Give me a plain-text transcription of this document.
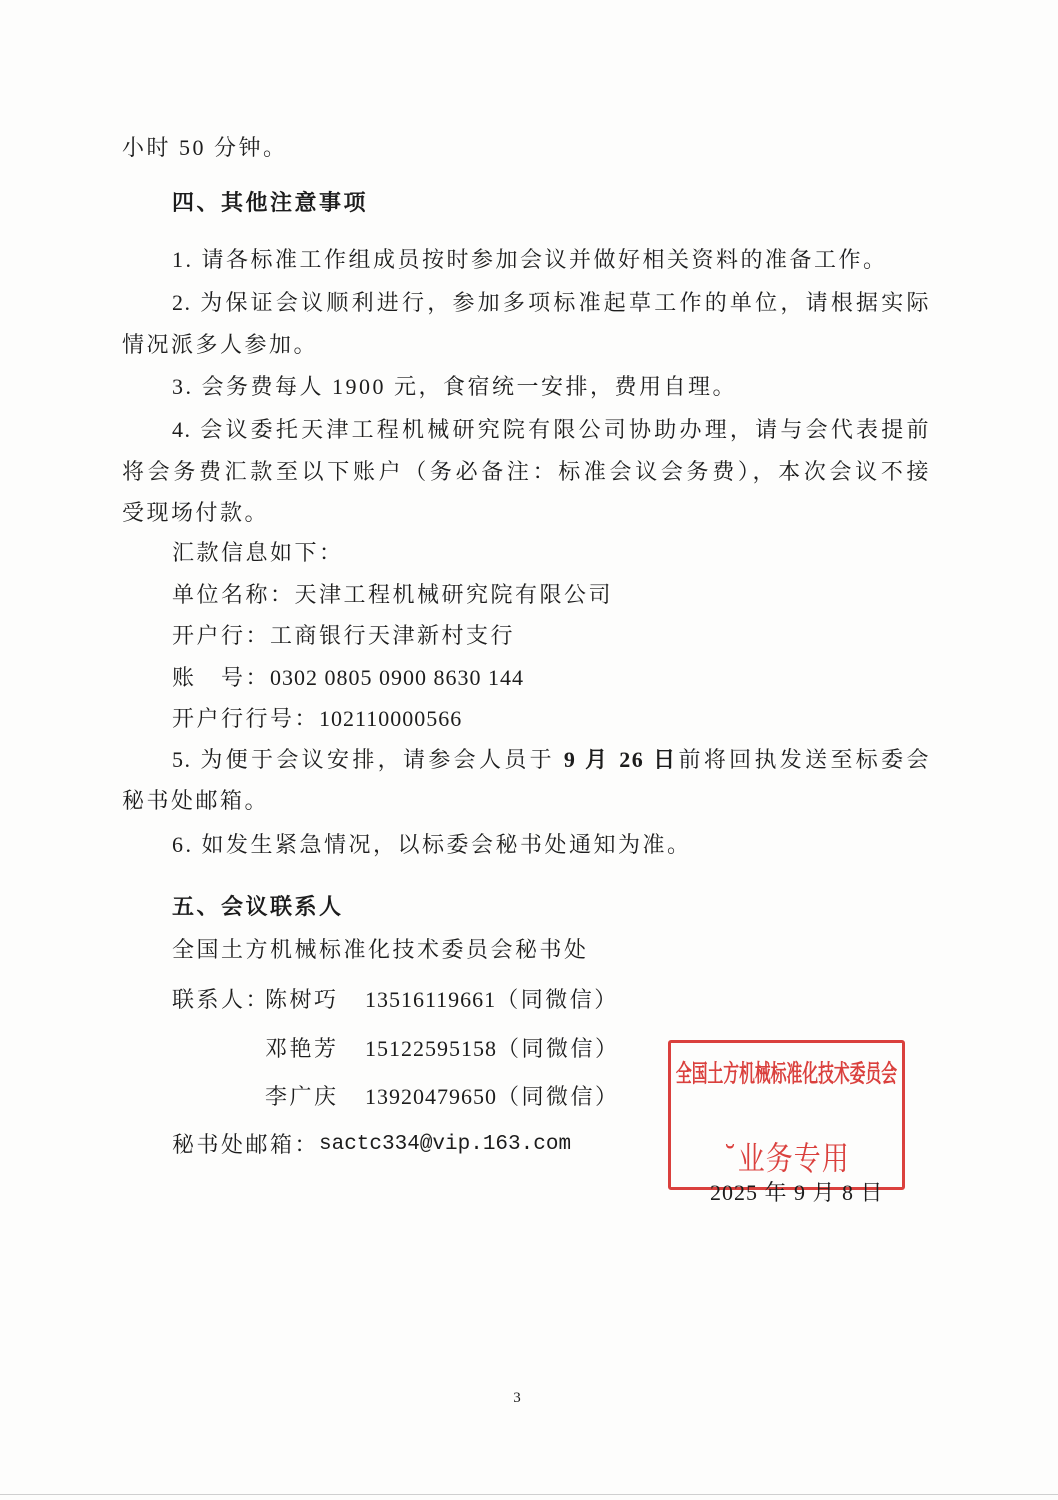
小时 50 分钟。
四、其他注意事项
1. 请各标准工作组成员按时参加会议并做好相关资料的准备工作。
2. 为保证会议顺利进行，参加多项标准起草工作的单位，请根据实际
情况派多人参加。
3. 会务费每人 1900 元，食宿统一安排，费用自理。
4. 会议委托天津工程机械研究院有限公司协助办理，请与会代表提前
将会务费汇款至以下账户（务必备注：标准会议会务费），本次会议不接
受现场付款。
汇款信息如下：
单位名称：天津工程机械研究院有限公司
开户行：工商银行天津新村支行
账　号：0302 0805 0900 8630 144
开户行行号：102110000566
5. 为便于会议安排，请参会人员于 9 月 26 日前将回执发送至标委会
秘书处邮箱。
6. 如发生紧急情况，以标委会秘书处通知为准。
五、会议联系人
全国土方机械标准化技术委员会秘书处
联系人：
陈树巧 13516119661（同微信）
邓艳芳 15122595158（同微信）
李广庆 13920479650（同微信）
秘书处邮箱： sactc334@vip.163.com
全国土方机械标准化技术委员会
˘业务专用
2025 年 9 月 8 日
3
